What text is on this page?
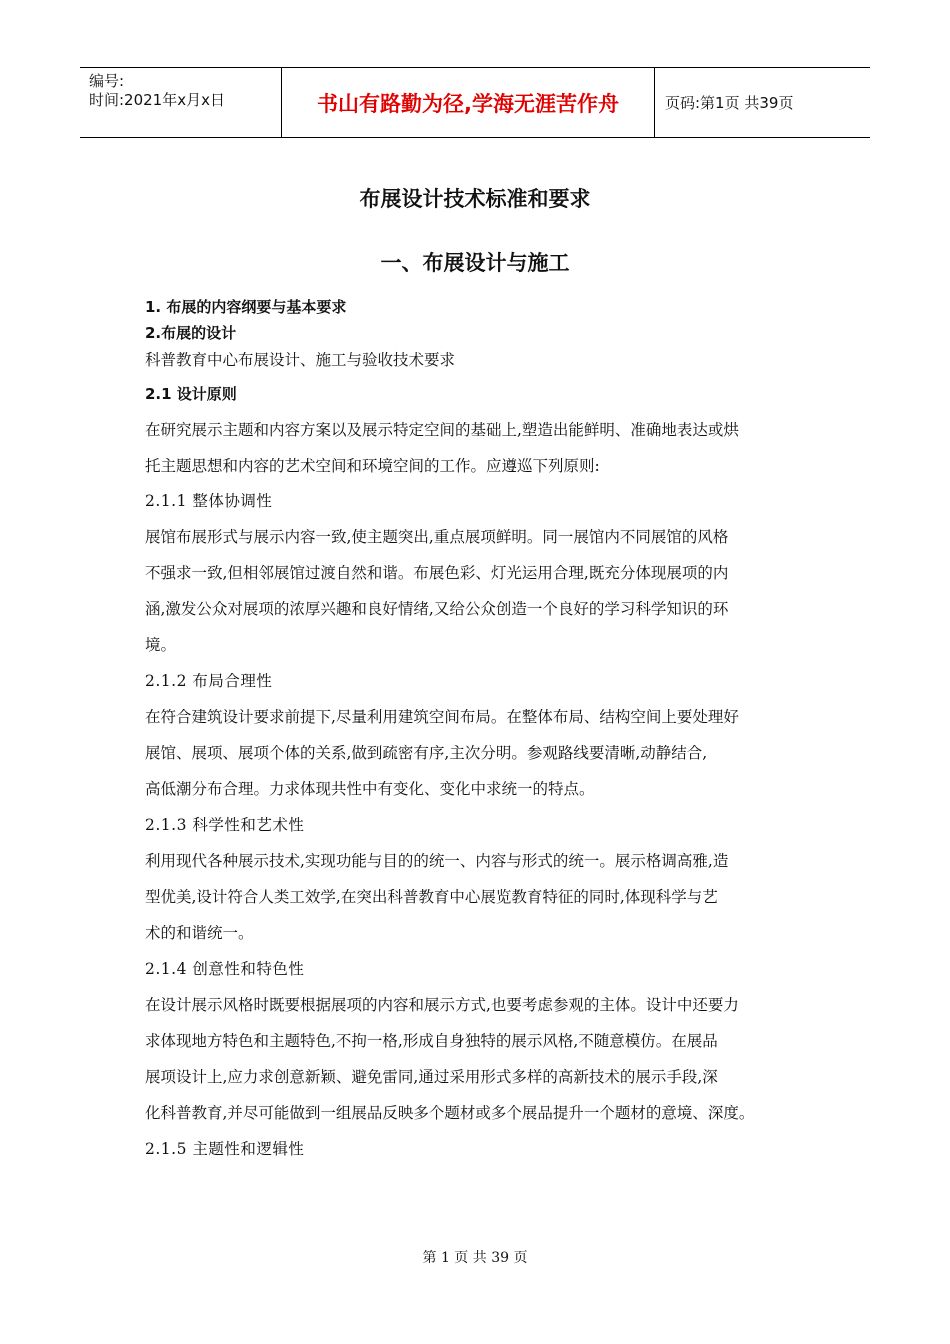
编号:
时间:2021年x月x日	书山有路勤为径,学海无涯苦作舟	页码:第1页 共39页
布展设计技术标准和要求
一、布展设计与施工
1. 布展的内容纲要与基本要求
2.布展的设计
科普教育中心布展设计、施工与验收技术要求
2.1 设计原则
在研究展示主题和内容方案以及展示特定空间的基础上,塑造出能鲜明、准确地表达或烘
托主题思想和内容的艺术空间和环境空间的工作。应遵巡下列原则:
2.1.1 整体协调性
展馆布展形式与展示内容一致,使主题突出,重点展项鲜明。同一展馆内不同展馆的风格
不强求一致,但相邻展馆过渡自然和谐。布展色彩、灯光运用合理,既充分体现展项的内
涵,激发公众对展项的浓厚兴趣和良好情绪,又给公众创造一个良好的学习科学知识的环
境。
2.1.2 布局合理性
在符合建筑设计要求前提下,尽量利用建筑空间布局。在整体布局、结构空间上要处理好
展馆、展项、展项个体的关系,做到疏密有序,主次分明。参观路线要清晰,动静结合,
高低潮分布合理。力求体现共性中有变化、变化中求统一的特点。
2.1.3 科学性和艺术性
利用现代各种展示技术,实现功能与目的的统一、内容与形式的统一。展示格调高雅,造
型优美,设计符合人类工效学,在突出科普教育中心展览教育特征的同时,体现科学与艺
术的和谐统一。
2.1.4 创意性和特色性
在设计展示风格时既要根据展项的内容和展示方式,也要考虑参观的主体。设计中还要力
求体现地方特色和主题特色,不拘一格,形成自身独特的展示风格,不随意模仿。在展品
展项设计上,应力求创意新颖、避免雷同,通过采用形式多样的高新技术的展示手段,深
化科普教育,并尽可能做到一组展品反映多个题材或多个展品提升一个题材的意境、深度。
2.1.5 主题性和逻辑性
第 1 页 共 39 页
